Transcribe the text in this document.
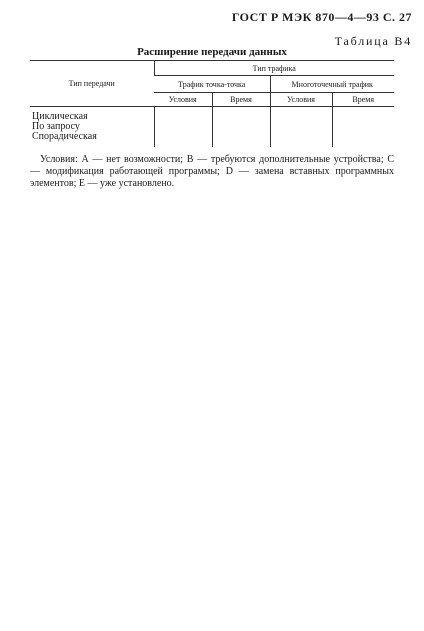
ГОСТ Р МЭК 870—4—93 С. 27
Таблица В4
Расширение передачи данных
Тип передачи	Тип трафика			
	Трафик точка-точка		Многоточечный трафик	
	Условия	Время	Условия	Время

Циклическая
По запросу
Спорадическая				

Условия: А — нет возможности; В — требуются дополнительные устройства; С — модификация работающей программы; D — замена вставных программных элементов; Е — уже установлено.
